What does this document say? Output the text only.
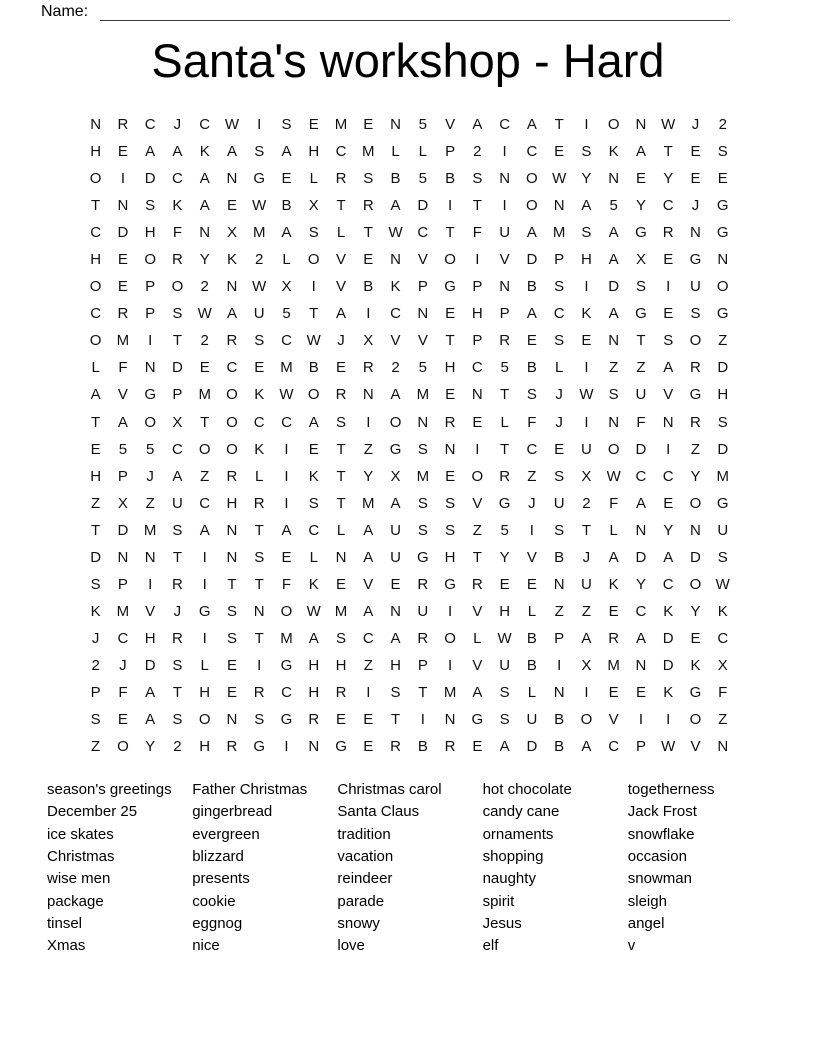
Name:
Santa's workshop - Hard
N	R	C	J	C W	I	S	E	M	E	N	5	V	A	C	A	T	I	O	N W	J	2
H	E	A	A	K	A	S	A	H	C	M	L	L	P	2	I	C	E	S	K	A	T	E	S
O	I	D	C	A	N	G	E	L	R	S	B	5	B	S	N	O W	Y	N	E	Y	E	E
T	N	S	K	A	E	W	B	X	T	R	A	D	I	T	I	O	N	A	5	Y	C	J	G
C	D	H	F	N	X	M	A	S	L	T	W C	T	F	U	A	M	S	A	G	R	N	G
H	E	O	R	Y	K	2	L	O	V	E	N	V	O	I	V	D	P	H	A	X	E	G	N
O	E	P	O	2	N W	X	I	V	B	K	P	G	P	N	B	S	I	D	S	I	U	O
C	R	P	S	W	A	U	5	T	A	I	C	N	E	H	P	A	C	K	A	G	E	S	G
O	M	I	T	2	R	S	C W	J	X	V	V	T	P	R	E	S	E	N	T	S	O	Z
L	F	N	D	E	C	E	M	B	E	R	2	5	H	C	5	B	L	I	Z	Z	A	R	D
A	V	G	P	M	O	K	W O	R	N	A	M	E	N	T	S	J	W	S	U	V	G	H
T	A	O	X	T	O	C	C	A	S	I	O	N	R	E	L	F	J	I	N	F	N	R	S
E	5	5	C	O	O	K	I	E	T	Z	G	S	N	I	T	C	E	U	O	D	I	Z	D
H	P	J	A	Z	R	L	I	K	T	Y	X	M	E	O	R	Z	S	X	W C	C	Y	M
Z	X	Z	U	C	H	R	I	S	T	M	A	S	S	V	G	J	U	2	F	A	E	O	G
T	D	M	S	A	N	T	A	C	L	A	U	S	S	Z	5	I	S	T	L	N	Y	N	U
D	N	N	T	I	N	S	E	L	N	A	U	G	H	T	Y	V	B	J	A	D	A	D	S
S	P	I	R	I	T	T	F	K	E	V	E	R	G	R	E	E	N	U	K	Y	C	O W
K	M	V	J	G	S	N	O W M	A	N	U	I	V	H	L	Z	Z	E	C	K	Y	K
J	C	H	R	I	S	T	M	A	S	C	A	R	O	L	W	B	P	A	R	A	D	E	C
2	J	D	S	L	E	I	G	H	H	Z	H	P	I	V	U	B	I	X	M	N	D	K	X
P	F	A	T	H	E	R	C	H	R	I	S	T	M	A	S	L	N	I	E	E	K	G	F
S	E	A	S	O	N	S	G	R	E	E	T	I	N	G	S	U	B	O	V	I	I	O	Z
Z	O	Y	2	H	R	G	I	N	G	E	R	B	R	E	A	D	B	A	C	P	W	V	N
season's greetings
December 25
ice skates
Christmas
wise men
package
tinsel
Xmas
Father Christmas
gingerbread
evergreen
blizzard
presents
cookie
eggnog
nice
Christmas carol
Santa Claus
tradition
vacation
reindeer
parade
snowy
love
hot chocolate
candy cane
ornaments
shopping
naughty
spirit
Jesus
elf
togetherness
Jack Frost
snowflake
occasion
snowman
sleigh
angel
v
